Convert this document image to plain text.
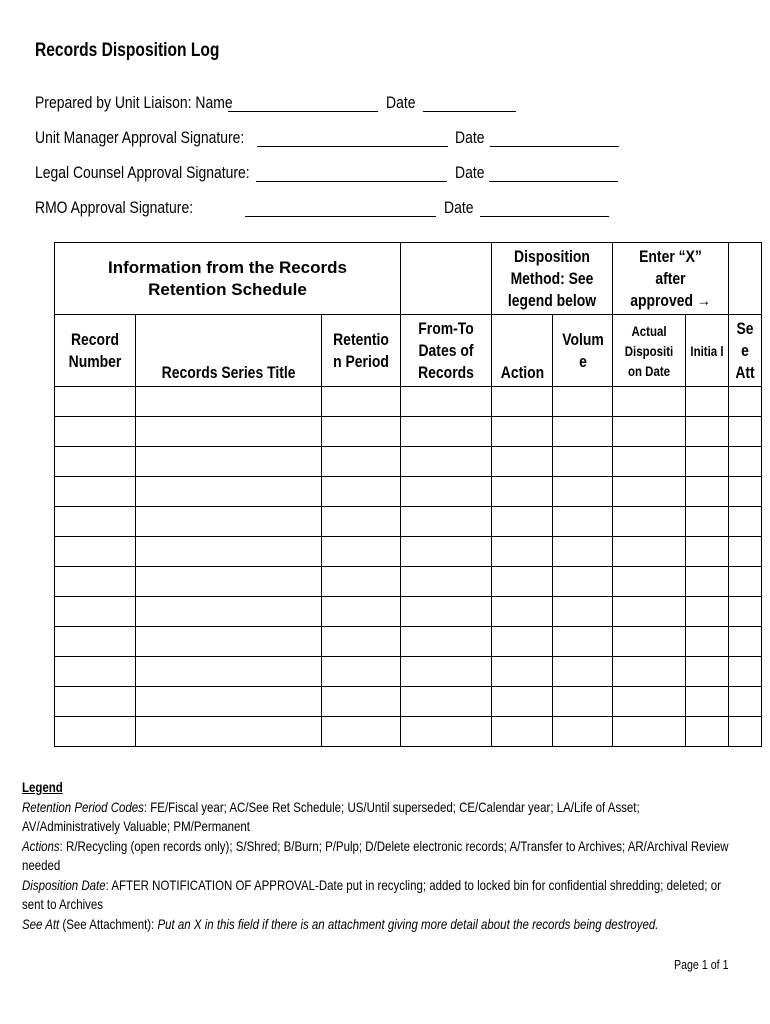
Records Disposition Log
Prepared by Unit Liaison: Name	Date
Unit Manager Approval Signature:	Date
Legal Counsel Approval Signature:	Date
RMO Approval Signature:	Date
Information from the Records Retention Schedule				Disposition Method: See legend below		Enter “X” after approved →		
Record Number	Records Series Title	Retentio n Period	From-To Dates of Records	Action	Volum e	Actual Dispositi on Date	Initia l	Se e Att

Legend
Retention Period Codes: FE/Fiscal year; AC/See Ret Schedule; US/Until superseded; CE/Calendar year; LA/Life of Asset; AV/Administratively Valuable; PM/Permanent
Actions: R/Recycling (open records only); S/Shred; B/Burn; P/Pulp; D/Delete electronic records; A/Transfer to Archives; AR/Archival Review needed
Disposition Date: AFTER NOTIFICATION OF APPROVAL-Date put in recycling; added to locked bin for confidential shredding; deleted; or sent to Archives
See Att (See Attachment): Put an X in this field if there is an attachment giving more detail about the records being destroyed.
Page 1 of 1
